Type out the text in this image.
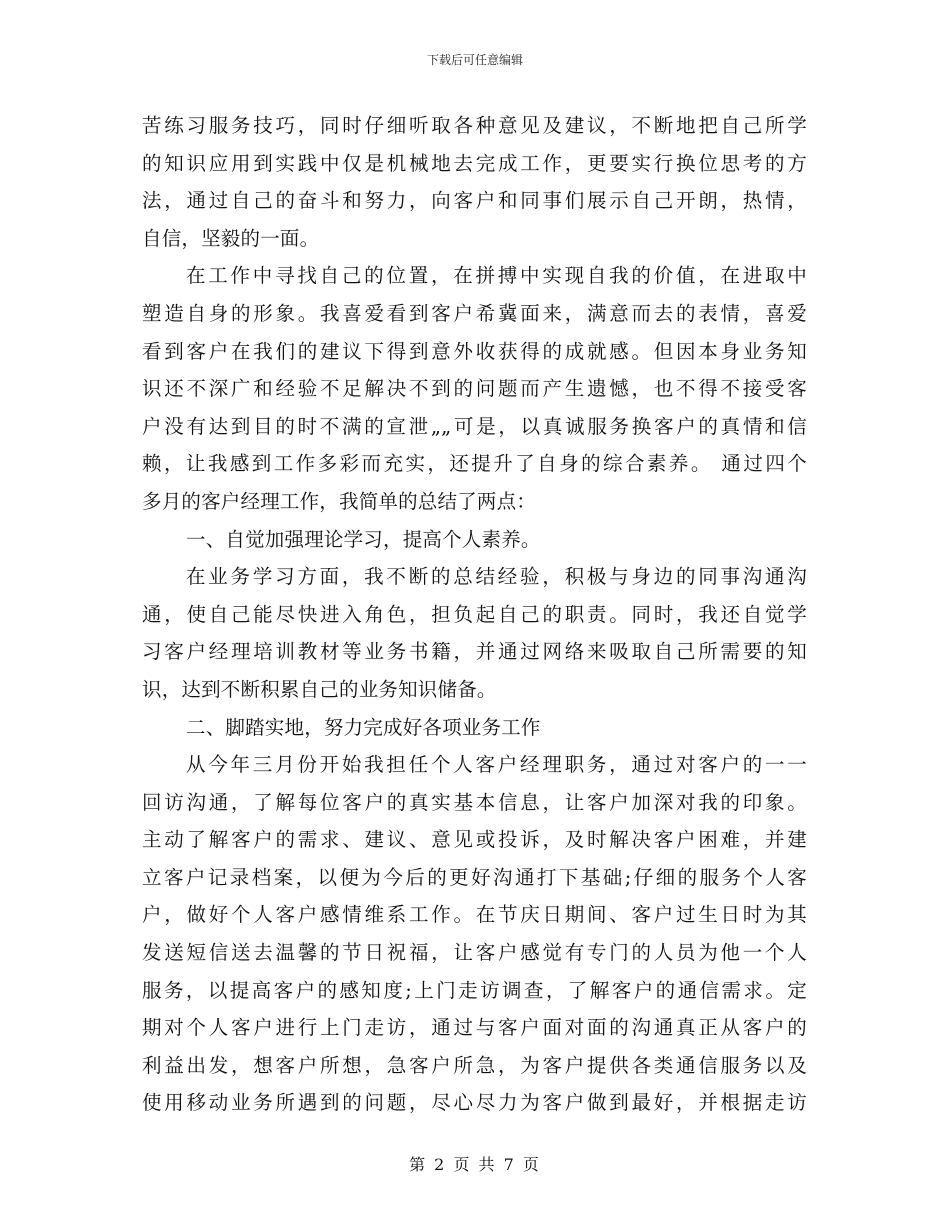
下载后可任意编辑
苦练习服务技巧，同时仔细听取各种意见及建议，不断地把自己所学
的知识应用到实践中仅是机械地去完成工作，更要实行换位思考的方
法，通过自己的奋斗和努力，向客户和同事们展示自己开朗，热情，
自信，坚毅的一面。
在工作中寻找自己的位置，在拼搏中实现自我的价值，在进取中
塑造自身的形象。我喜爱看到客户希冀面来，满意而去的表情，喜爱
看到客户在我们的建议下得到意外收获得的成就感。但因本身业务知
识还不深广和经验不足解决不到的问题而产生遗憾，也不得不接受客
户没有达到目的时不满的宣泄„„可是，以真诚服务换客户的真情和信
赖，让我感到工作多彩而充实，还提升了自身的综合素养。 通过四个
多月的客户经理工作，我简单的总结了两点：
一、自觉加强理论学习，提高个人素养。
在业务学习方面，我不断的总结经验，积极与身边的同事沟通沟
通，使自己能尽快进入角色，担负起自己的职责。同时，我还自觉学
习客户经理培训教材等业务书籍，并通过网络来吸取自己所需要的知
识，达到不断积累自己的业务知识储备。
二、脚踏实地，努力完成好各项业务工作
从今年三月份开始我担任个人客户经理职务，通过对客户的一一
回访沟通，了解每位客户的真实基本信息，让客户加深对我的印象。
主动了解客户的需求、建议、意见或投诉，及时解决客户困难，并建
立客户记录档案，以便为今后的更好沟通打下基础;仔细的服务个人客
户，做好个人客户感情维系工作。在节庆日期间、客户过生日时为其
发送短信送去温馨的节日祝福，让客户感觉有专门的人员为他一个人
服务，以提高客户的感知度;上门走访调查，了解客户的通信需求。定
期对个人客户进行上门走访，通过与客户面对面的沟通真正从客户的
利益出发，想客户所想，急客户所急，为客户提供各类通信服务以及
使用移动业务所遇到的问题，尽心尽力为客户做到最好，并根据走访
第 2 页 共 7 页
